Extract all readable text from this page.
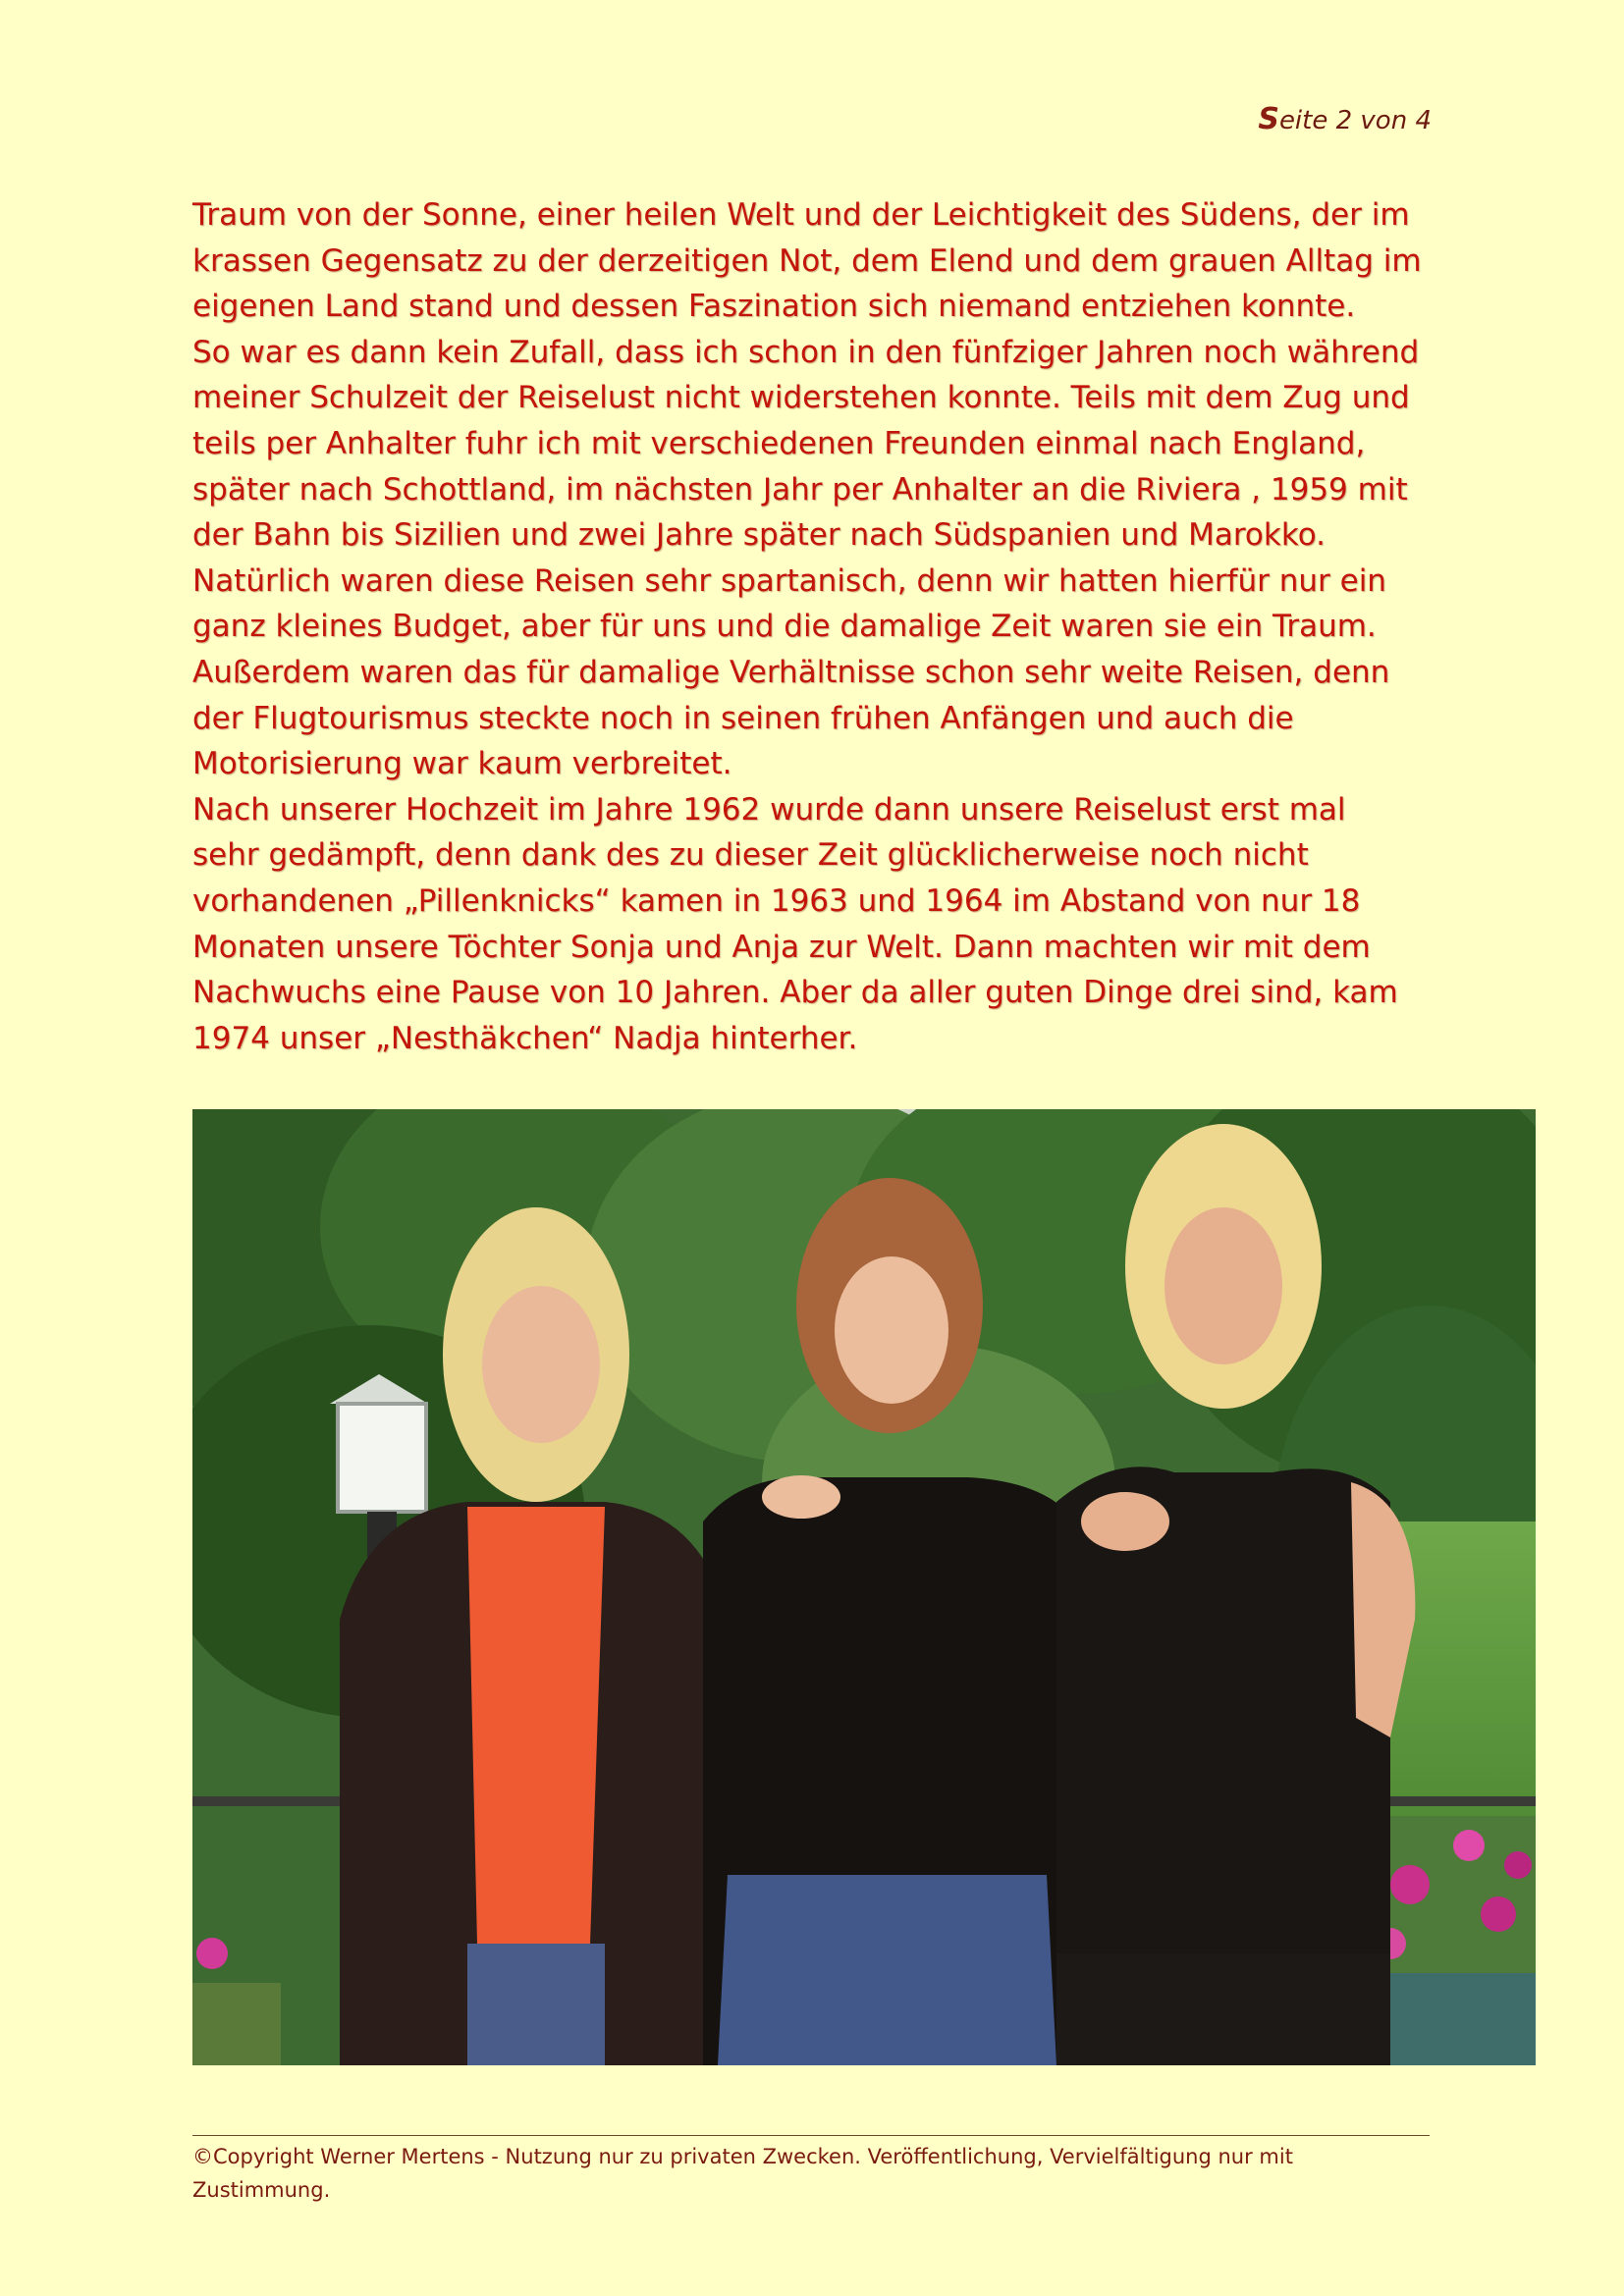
Seite 2 von 4
Traum von der Sonne, einer heilen Welt und der Leichtigkeit des Südens, der im
krassen Gegensatz zu der derzeitigen Not, dem Elend und dem grauen Alltag im
eigenen Land stand und dessen Faszination sich niemand entziehen konnte.
So war es dann kein Zufall, dass ich schon in den fünfziger Jahren noch während
meiner Schulzeit der Reiselust nicht widerstehen konnte. Teils mit dem Zug und
teils per Anhalter fuhr ich mit verschiedenen Freunden einmal nach England,
später nach Schottland, im nächsten Jahr per Anhalter an die Riviera , 1959 mit
der Bahn bis Sizilien und zwei Jahre später nach Südspanien und Marokko.
Natürlich waren diese Reisen sehr spartanisch, denn wir hatten hierfür nur ein
ganz kleines Budget, aber für uns und die damalige Zeit waren sie ein Traum.
Außerdem waren das für damalige Verhältnisse schon sehr weite Reisen, denn
der Flugtourismus steckte noch in seinen frühen Anfängen und auch die
Motorisierung war kaum verbreitet.
Nach unserer Hochzeit im Jahre 1962 wurde dann unsere Reiselust erst mal
sehr gedämpft, denn dank des zu dieser Zeit glücklicherweise noch nicht
vorhandenen „Pillenknicks“ kamen in 1963 und 1964 im Abstand von nur 18
Monaten unsere Töchter Sonja und Anja zur Welt. Dann machten wir mit dem
Nachwuchs eine Pause von 10 Jahren. Aber da aller guten Dinge drei sind, kam
1974 unser „Nesthäkchen“ Nadja hinterher.
©Copyright Werner Mertens - Nutzung nur zu privaten Zwecken. Veröffentlichung, Vervielfältigung nur mit Zustimmung.
